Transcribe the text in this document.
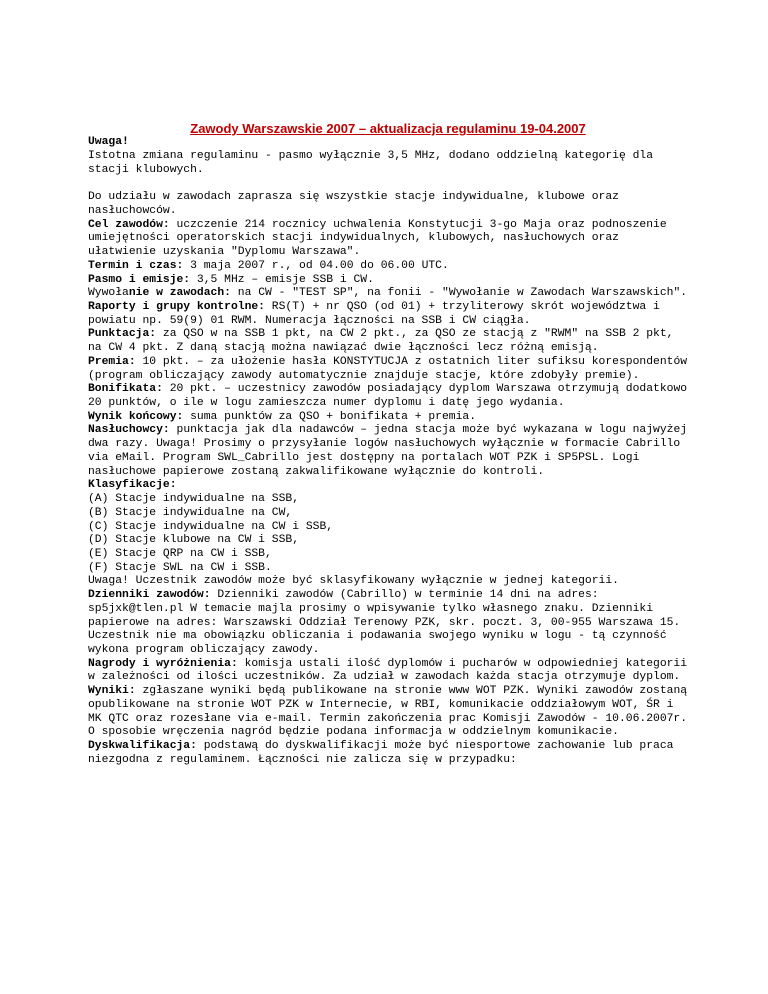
Zawody Warszawskie 2007 – aktualizacja regulaminu 19-04.2007

Uwaga!

Istotna zmiana regulaminu - pasmo wyłącznie 3,5 MHz, dodano oddzielną kategorię dla stacji klubowych.

Do udziału w zawodach zaprasza się wszystkie stacje indywidualne, klubowe oraz nasłuchowców.

Cel zawodów: uczczenie 214 rocznicy uchwalenia Konstytucji 3-go Maja oraz podnoszenie umiejętności operatorskich stacji indywidualnych, klubowych, nasłuchowych oraz ułatwienie uzyskania "Dyplomu Warszawa".

Termin i czas: 3 maja 2007 r., od 04.00 do 06.00 UTC.

Pasmo i emisje: 3,5 MHz – emisje SSB i CW.

Wywołanie w zawodach: na CW - "TEST SP", na fonii - "Wywołanie w Zawodach Warszawskich".

Raporty i grupy kontrolne: RS(T) + nr QSO (od 01) + trzyliterowy skrót województwa i powiatu np. 59(9) 01 RWM. Numeracja łączności na SSB i CW ciągła.

Punktacja: za QSO w na SSB 1 pkt, na CW 2 pkt., za QSO ze stacją z "RWM" na SSB 2 pkt, na CW 4 pkt. Z daną stacją można nawiązać dwie łączności lecz różną emisją.

Premia: 10 pkt. – za ułożenie hasła KONSTYTUCJA z ostatnich liter sufiksu korespondentów (program obliczający zawody automatycznie znajduje stacje, które zdobyły premie).

Bonifikata: 20 pkt. – uczestnicy zawodów posiadający dyplom Warszawa otrzymują dodatkowo 20 punktów, o ile w logu zamieszcza numer dyplomu i datę jego wydania.

Wynik końcowy: suma punktów za QSO + bonifikata + premia.

Nasłuchowcy: punktacja jak dla nadawców – jedna stacja może być wykazana w logu najwyżej dwa razy. Uwaga! Prosimy o przysyłanie logów nasłuchowych wyłącznie w formacie Cabrillo via eMail. Program SWL_Cabrillo jest dostępny na portalach WOT PZK i SP5PSL. Logi nasłuchowe papierowe zostaną zakwalifikowane wyłącznie do kontroli.

Klasyfikacje:

(A) Stacje indywidualne na SSB,

(B) Stacje indywidualne na CW,

(C) Stacje indywidualne na CW i SSB,

(D) Stacje klubowe na CW i SSB,

(E) Stacje QRP na CW i SSB,

(F) Stacje SWL na CW i SSB.

Uwaga! Uczestnik zawodów może być sklasyfikowany wyłącznie w jednej kategorii.

Dzienniki zawodów: Dzienniki zawodów (Cabrillo) w terminie 14 dni na adres: sp5jxk@tlen.pl W temacie majla prosimy o wpisywanie tylko własnego znaku. Dzienniki papierowe na adres: Warszawski Oddział Terenowy PZK, skr. poczt. 3, 00-955 Warszawa 15.

Uczestnik nie ma obowiązku obliczania i podawania swojego wyniku w logu - tą czynność wykona program obliczający zawody.

Nagrody i wyróżnienia: komisja ustali ilość dyplomów i pucharów w odpowiedniej kategorii w zależności od ilości uczestników. Za udział w zawodach każda stacja otrzymuje dyplom.

Wyniki: zgłaszane wyniki będą publikowane na stronie www WOT PZK. Wyniki zawodów zostaną opublikowane na stronie WOT PZK w Internecie, w RBI, komunikacie oddziałowym WOT, ŚR i MK QTC oraz rozesłane via e-mail. Termin zakończenia prac Komisji Zawodów - 10.06.2007r. O sposobie wręczenia nagród będzie podana informacja w oddzielnym komunikacie.

Dyskwalifikacja: podstawą do dyskwalifikacji może być niesportowe zachowanie lub praca niezgodna z regulaminem. Łączności nie zalicza się w przypadku:
